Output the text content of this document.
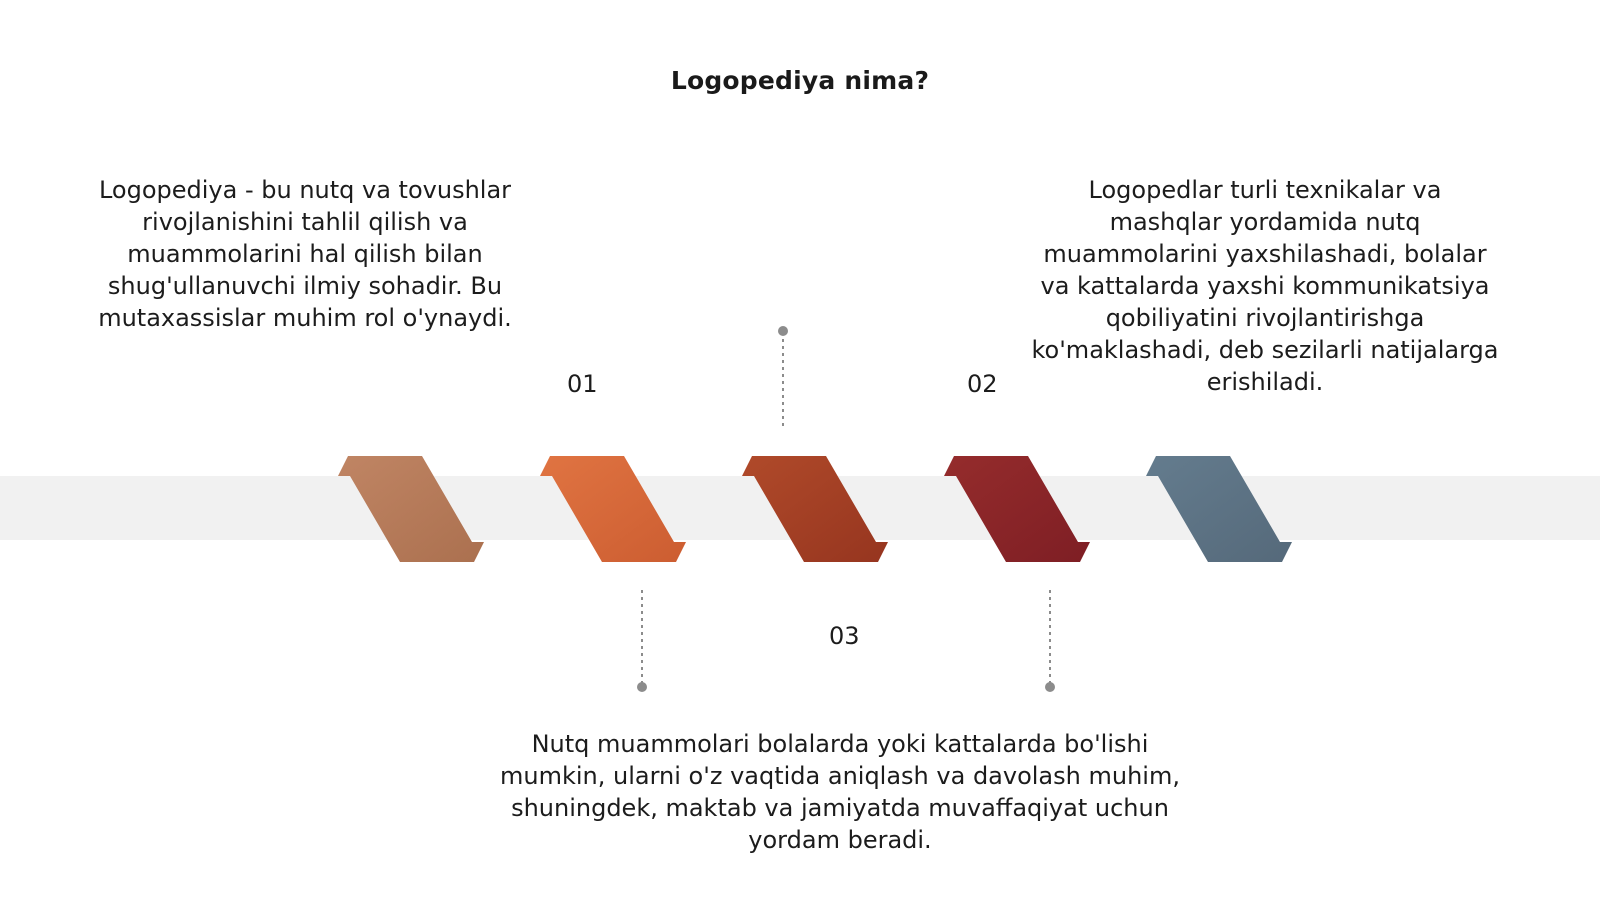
Logopediya nima?
Logopediya - bu nutq va tovushlar rivojlanishini tahlil qilish va muammolarini hal qilish bilan shug'ullanuvchi ilmiy sohadir. Bu mutaxassislar muhim rol o'ynaydi.
Logopedlar turli texnikalar va mashqlar yordamida nutq muammolarini yaxshilashadi, bolalar va kattalarda yaxshi kommunikatsiya qobiliyatini rivojlantirishga ko'maklashadi, deb sezilarli natijalarga erishiladi.
Nutq muammolari bolalarda yoki kattalarda bo'lishi mumkin, ularni o'z vaqtida aniqlash va davolash muhim, shuningdek, maktab va jamiyatda muvaffaqiyat uchun yordam beradi.
01	02
03
